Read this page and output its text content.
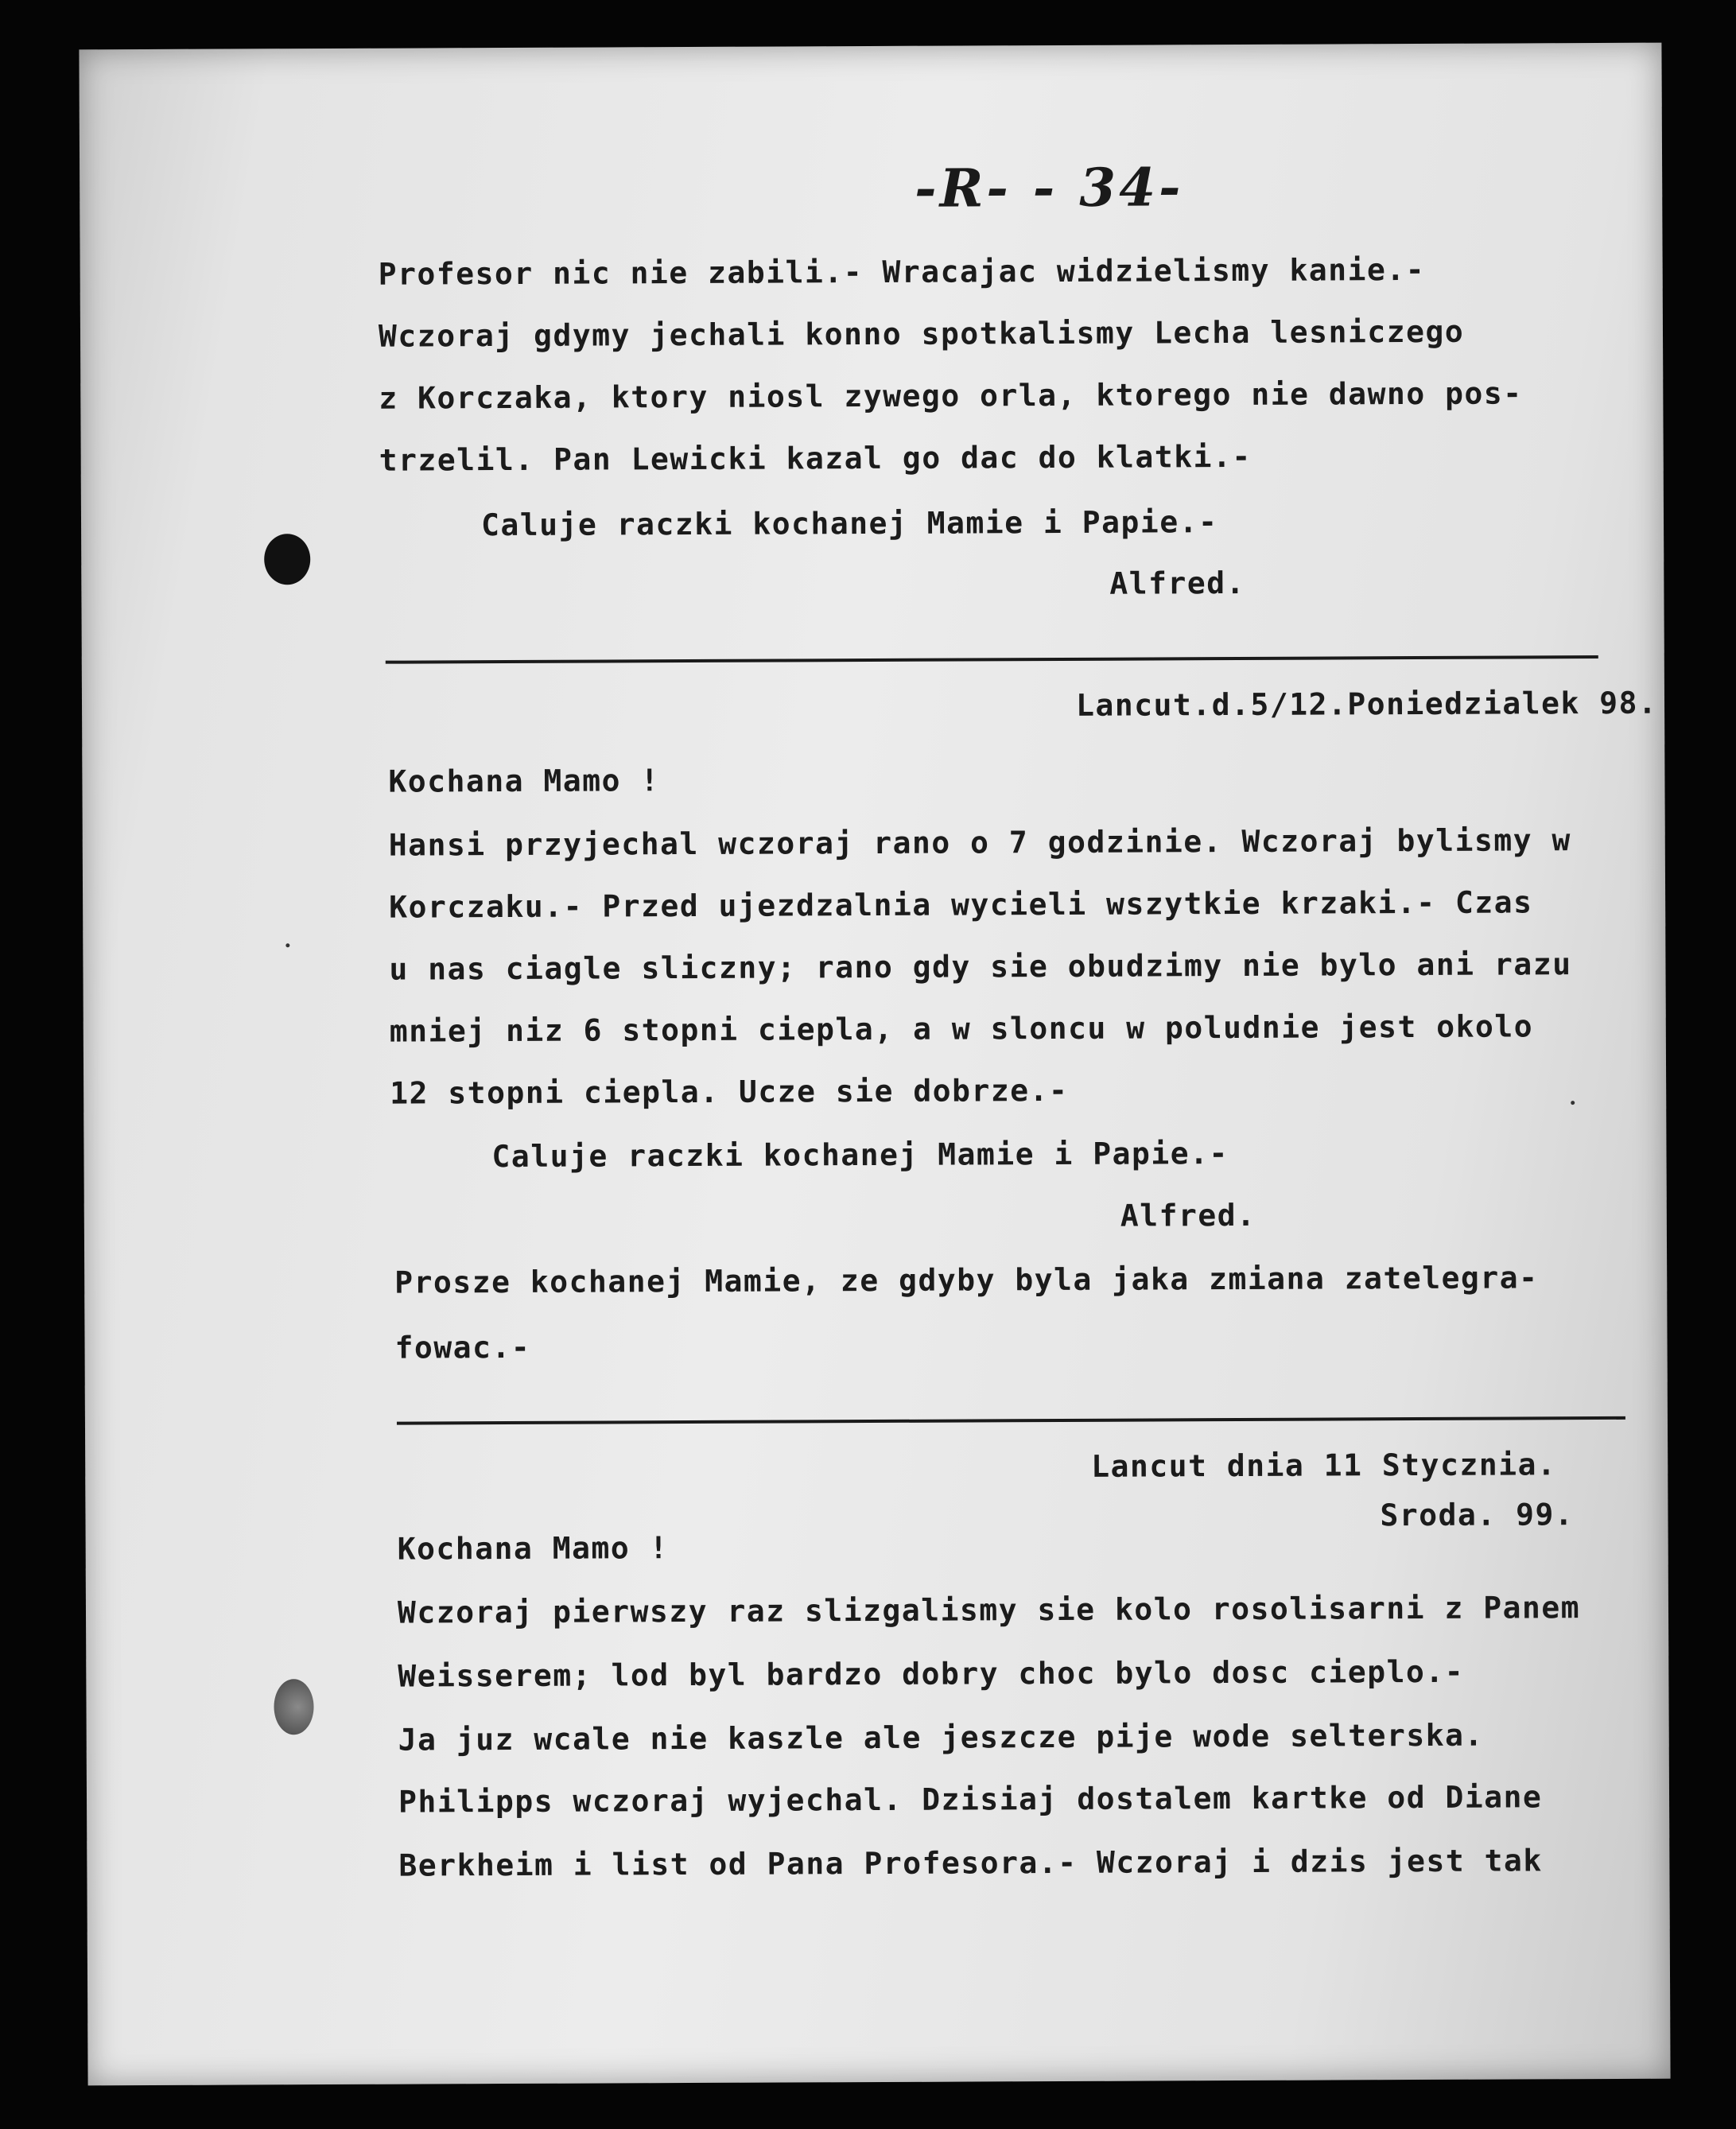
-R- - 34-
Profesor nic nie zabili.- Wracajac widzielismy kanie.-
Wczoraj gdymy jechali konno spotkalismy Lecha lesniczego
z Korczaka, ktory niosl zywego orla, ktorego nie dawno pos-
trzelil. Pan Lewicki kazal go dac do klatki.-
Caluje raczki kochanej Mamie i Papie.-
Alfred.
Lancut.d.5/12.Poniedzialek 98.
Kochana Mamo !
Hansi przyjechal wczoraj rano o 7 godzinie. Wczoraj bylismy w
Korczaku.- Przed ujezdzalnia wycieli wszytkie krzaki.- Czas
u nas ciagle sliczny; rano gdy sie obudzimy nie bylo ani razu
mniej niz 6 stopni ciepla, a w sloncu w poludnie jest okolo
12 stopni ciepla. Ucze sie dobrze.-
Caluje raczki kochanej Mamie i Papie.-
Alfred.
Prosze kochanej Mamie, ze gdyby byla jaka zmiana zatelegra-
fowac.-
Lancut dnia 11 Stycznia.
Sroda. 99.
Kochana Mamo !
Wczoraj pierwszy raz slizgalismy sie kolo rosolisarni z Panem
Weisserem; lod byl bardzo dobry choc bylo dosc cieplo.-
Ja juz wcale nie kaszle ale jeszcze pije wode selterska.
Philipps wczoraj wyjechal. Dzisiaj dostalem kartke od Diane
Berkheim i list od Pana Profesora.- Wczoraj i dzis jest tak
